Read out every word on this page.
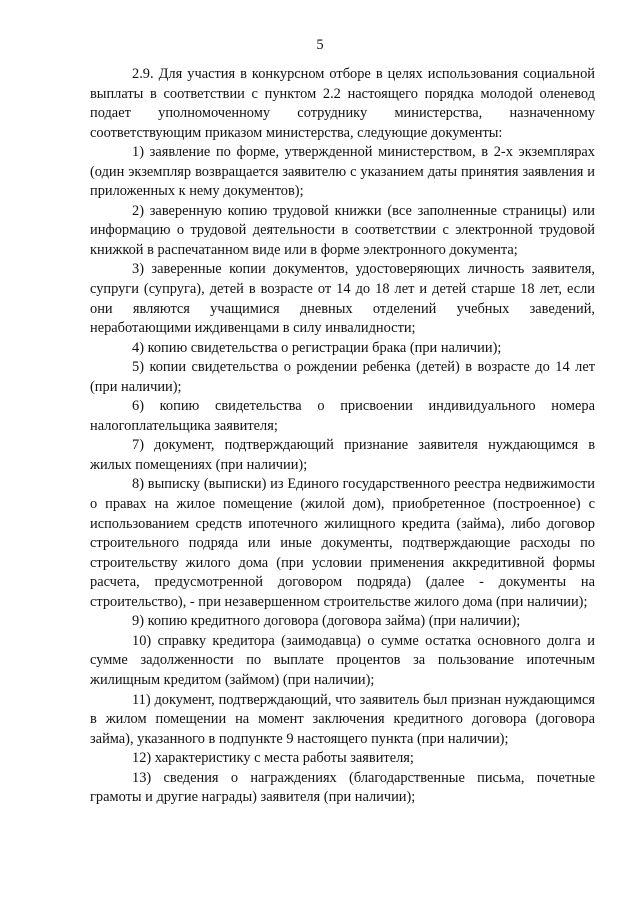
5

2.9. Для участия в конкурсном отборе в целях использования социальной выплаты в соответствии с пунктом 2.2 настоящего порядка молодой оленевод подает уполномоченному сотруднику министерства, назначенному соответствующим приказом министерства, следующие документы:

1) заявление по форме, утвержденной министерством, в 2-х экземплярах (один экземпляр возвращается заявителю с указанием даты принятия заявления и приложенных к нему документов);

2) заверенную копию трудовой книжки (все заполненные страницы) или информацию о трудовой деятельности в соответствии с электронной трудовой книжкой в распечатанном виде или в форме электронного документа;

3) заверенные копии документов, удостоверяющих личность заявителя, супруги (супруга), детей в возрасте от 14 до 18 лет и детей старше 18 лет, если они являются учащимися дневных отделений учебных заведений, неработающими иждивенцами в силу инвалидности;

4) копию свидетельства о регистрации брака (при наличии);

5) копии свидетельства о рождении ребенка (детей) в возрасте до 14 лет (при наличии);

6) копию свидетельства о присвоении индивидуального номера налогоплательщика заявителя;

7) документ, подтверждающий признание заявителя нуждающимся в жилых помещениях (при наличии);

8) выписку (выписки) из Единого государственного реестра недвижимости о правах на жилое помещение (жилой дом), приобретенное (построенное) с использованием средств ипотечного жилищного кредита (займа), либо договор строительного подряда или иные документы, подтверждающие расходы по строительству жилого дома (при условии применения аккредитивной формы расчета, предусмотренной договором подряда) (далее - документы на строительство), - при незавершенном строительстве жилого дома (при наличии);

9) копию кредитного договора (договора займа) (при наличии);

10) справку кредитора (заимодавца) о сумме остатка основного долга и сумме задолженности по выплате процентов за пользование ипотечным жилищным кредитом (займом) (при наличии);

11) документ, подтверждающий, что заявитель был признан нуждающимся в жилом помещении на момент заключения кредитного договора (договора займа), указанного в подпункте 9 настоящего пункта (при наличии);

12) характеристику с места работы заявителя;

13) сведения о награждениях (благодарственные письма, почетные грамоты и другие награды) заявителя (при наличии);
